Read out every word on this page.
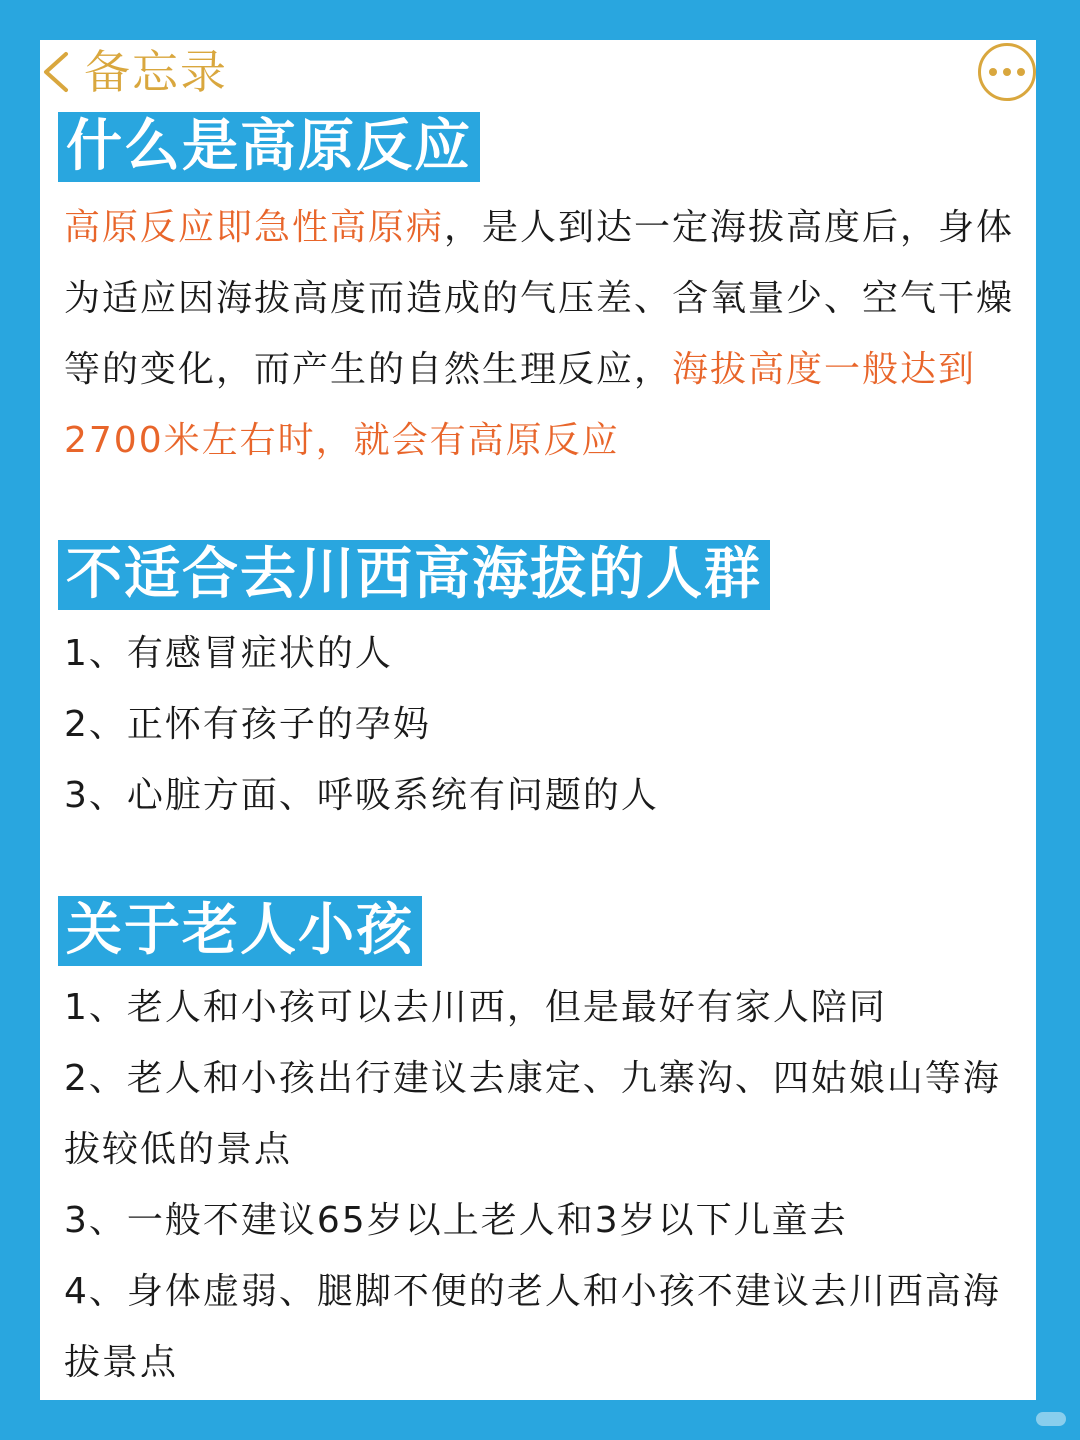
备忘录
什么是高原反应
高原反应即急性高原病，是人到达一定海拔高度后，身体为适应因海拔高度而造成的气压差、含氧量少、空气干燥等的变化，而产生的自然生理反应，海拔高度一般达到2700米左右时，就会有高原反应
不适合去川西高海拔的人群
1、有感冒症状的人
2、正怀有孩子的孕妈
3、心脏方面、呼吸系统有问题的人
关于老人小孩
1、老人和小孩可以去川西，但是最好有家人陪同
2、老人和小孩出行建议去康定、九寨沟、四姑娘山等海拔较低的景点
3、一般不建议65岁以上老人和3岁以下儿童去
4、身体虚弱、腿脚不便的老人和小孩不建议去川西高海拔景点
